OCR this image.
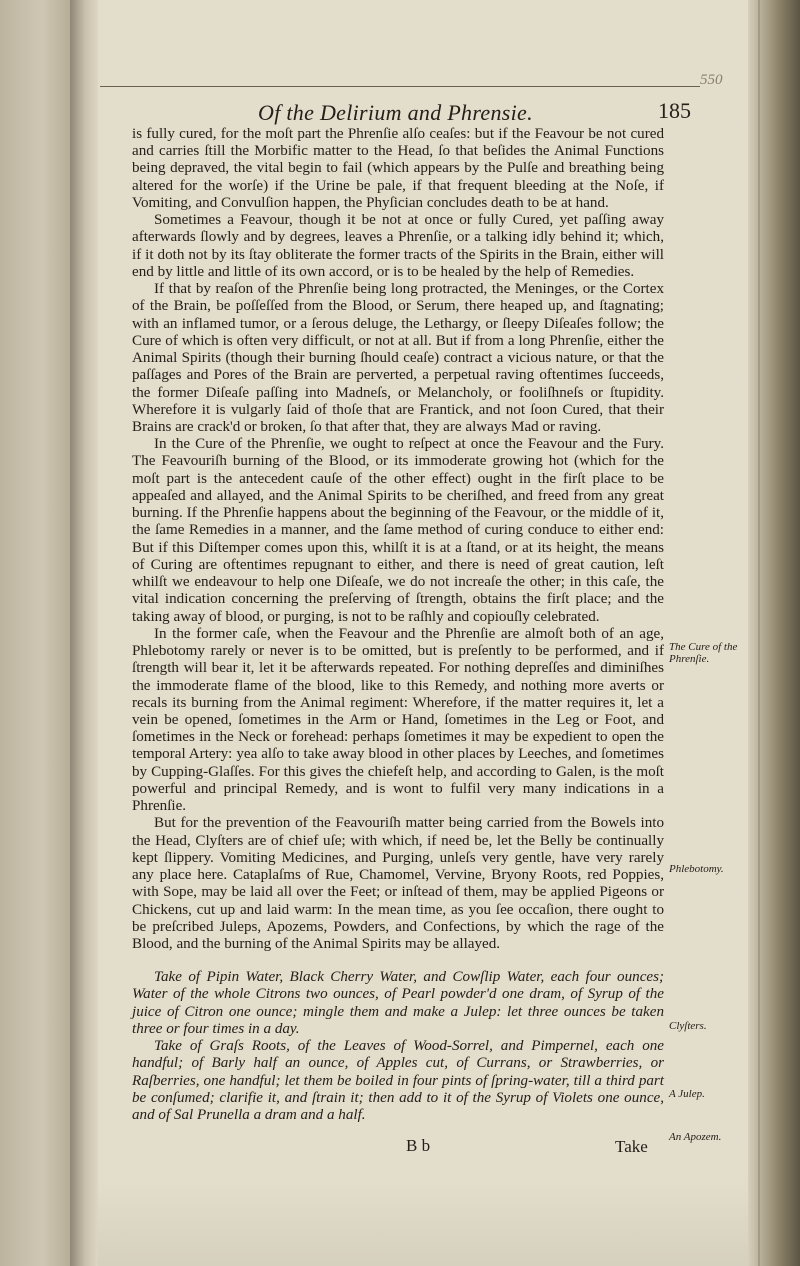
550
Of the Delirium and Phrensie.	185

is fully cured, for the moſt part the Phrenſie alſo ceaſes: but if the Feavour be not cured and carries ſtill the Morbific matter to the Head, ſo that beſides the Animal Functions being depraved, the vital begin to fail (which appears by the Pulſe and breathing being altered for the worſe) if the Urine be pale, if that frequent bleeding at the Noſe, if Vomiting, and Convulſion happen, the Phyſician concludes death to be at hand.

Sometimes a Feavour, though it be not at once or fully Cured, yet paſſing away afterwards ſlowly and by degrees, leaves a Phrenſie, or a talking idly behind it; which, if it doth not by its ſtay obliterate the former tracts of the Spirits in the Brain, either will end by little and little of its own accord, or is to be healed by the help of Remedies.

If that by reaſon of the Phrenſie being long protracted, the Meninges, or the Cortex of the Brain, be poſſeſſed from the Blood, or Serum, there heaped up, and ſtagnating; with an inflamed tumor, or a ſerous deluge, the Lethargy, or ſleepy Diſeaſes follow; the Cure of which is often very difficult, or not at all. But if from a long Phrenſie, either the Animal Spirits (though their burning ſhould ceaſe) contract a vicious nature, or that the paſſages and Pores of the Brain are perverted, a perpetual raving oftentimes ſucceeds, the former Diſeaſe paſſing into Madneſs, or Melancholy, or fooliſhneſs or ſtupidity. Wherefore it is vulgarly ſaid of thoſe that are Frantick, and not ſoon Cured, that their Brains are crack'd or broken, ſo that after that, they are always Mad or raving.

In the Cure of the Phrenſie, we ought to reſpect at once the Feavour and the Fury. The Feavouriſh burning of the Blood, or its immoderate growing hot (which for the moſt part is the antecedent cauſe of the other effect) ought in the firſt place to be appeaſed and allayed, and the Animal Spirits to be cheriſhed, and freed from any great burning. If the Phrenſie happens about the beginning of the Feavour, or the middle of it, the ſame Remedies in a manner, and the ſame method of curing conduce to either end: But if this Diſtemper comes upon this, whilſt it is at a ſtand, or at its height, the means of Curing are oftentimes repugnant to either, and there is need of great caution, leſt whilſt we endeavour to help one Diſeaſe, we do not increaſe the other; in this caſe, the vital indication concerning the preſerving of ſtrength, obtains the firſt place; and the taking away of blood, or purging, is not to be raſhly and copiouſly celebrated.

In the former caſe, when the Feavour and the Phrenſie are almoſt both of an age, Phlebotomy rarely or never is to be omitted, but is preſently to be performed, and if ſtrength will bear it, let it be afterwards repeated. For nothing depreſſes and diminiſhes the immoderate flame of the blood, like to this Remedy, and nothing more averts or recals its burning from the Animal regiment: Wherefore, if the matter requires it, let a vein be opened, ſometimes in the Arm or Hand, ſometimes in the Leg or Foot, and ſometimes in the Neck or forehead: perhaps ſometimes it may be expedient to open the temporal Artery: yea alſo to take away blood in other places by Leeches, and ſometimes by Cupping-Glaſſes. For this gives the chiefeſt help, and according to Galen, is the moſt powerful and principal Remedy, and is wont to fulfil very many indications in a Phrenſie.

But for the prevention of the Feavouriſh matter being carried from the Bowels into the Head, Clyſters are of chief uſe; with which, if need be, let the Belly be continually kept ſlippery. Vomiting Medicines, and Purging, unleſs very gentle, have very rarely any place here. Cataplaſms of Rue, Chamomel, Vervine, Bryony Roots, red Poppies, with Sope, may be laid all over the Feet; or inſtead of them, may be applied Pigeons or Chickens, cut up and laid warm: In the mean time, as you ſee occaſion, there ought to be preſcribed Juleps, Apozems, Powders, and Confections, by which the rage of the Blood, and the burning of the Animal Spirits may be allayed.

Take of Pipin Water, Black Cherry Water, and Cowſlip Water, each four ounces; Water of the whole Citrons two ounces, of Pearl powder'd one dram, of Syrup of the juice of Citron one ounce; mingle them and make a Julep: let three ounces be taken three or four times in a day.

Take of Graſs Roots, of the Leaves of Wood-Sorrel, and Pimpernel, each one handful; of Barly half an ounce, of Apples cut, of Currans, or Strawberries, or Raſberries, one handful; let them be boiled in four pints of ſpring-water, till a third part be conſumed; clarifie it, and ſtrain it; then add to it of the Syrup of Violets one ounce, and of Sal Prunella a dram and a half.

The Cure of the Phrenſie.
Phlebotomy.
Clyſters.
A Julep.
An Apozem.
B b	Take
